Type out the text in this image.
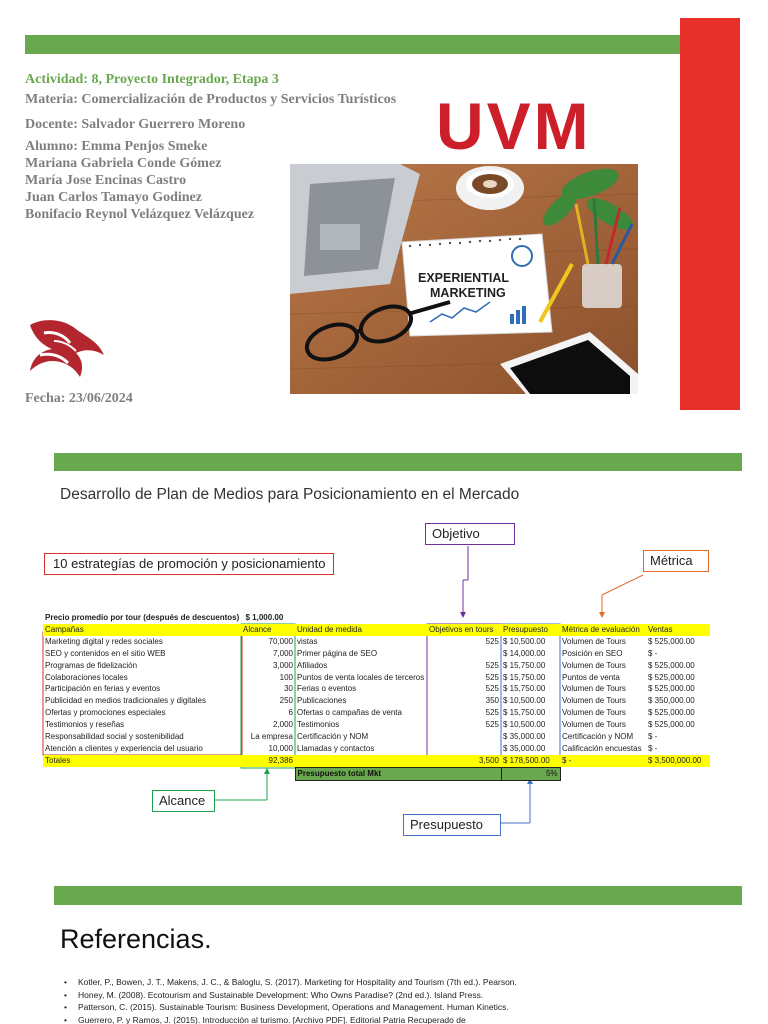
Actividad: 8, Proyecto Integrador, Etapa 3
Materia: Comercialización de Productos y Servicios Turísticos
Docente: Salvador Guerrero Moreno
Alumno: Emma Penjos Smeke
Mariana Gabriela Conde Gómez
María Jose Encinas Castro
Juan Carlos Tamayo Godinez
Bonifacio Reynol Velázquez Velázquez
UVM
Fecha: 23/06/2024
EXPERIENTIAL
MARKETING
Desarrollo de Plan de Medios para Posicionamiento en el Mercado
10 estrategías de promoción y posicionamiento
Objetivo
Métrica
Alcance
Presupuesto
Precio promedio por tour (después de descuentos) $ 1,000.00						
Campañas	Alcance	Unidad de medida	Objetivos en tours	Presupuesto	Métrica de evaluación	Ventas
Marketing digital y redes sociales	70,000	vistas	525	$ 10,500.00	Volumen de Tours	$ 525,000.00
SEO y contenidos en el sitio WEB	7,000	Primer página de SEO		$ 14,000.00	Posición en SEO	$ -
Programas de fidelización	3,000	Afiliados	525	$ 15,750.00	Volumen de Tours	$ 525,000.00
Colaboraciones locales	100	Puntos de venta locales de terceros	525	$ 15,750.00	Puntos de venta	$ 525,000.00
Participación en ferias y eventos	30	Ferias o eventos	525	$ 15,750.00	Volumen de Tours	$ 525,000.00
Publicidad en medios tradicionales y digitales	250	Publicaciones	350	$ 10,500.00	Volumen de Tours	$ 350,000.00
Ofertas y promociones especiales	6	Ofertas o campañas de venta	525	$ 15,750.00	Volumen de Tours	$ 525,000.00
Testimonios y reseñas	2,000	Testimonios	525	$ 10,500.00	Volumen de Tours	$ 525,000.00
Responsabilidad social y sostenibilidad	La empresa	Certificación y NOM		$ 35,000.00	Certificación y NOM	$ -
Atención a clientes y experiencia del usuario	10,000	Llamadas y contactos		$ 35,000.00	Calificación encuestas	$ -
Totales	92,386		3,500	$ 178,500.00	$ -	$ 3,500,000.00
		Presupuesto total Mkt		5%		
Referencias.
• Kotler, P., Bowen, J. T., Makens, J. C., & Baloglu, S. (2017). Marketing for Hospitality and Tourism (7th ed.). Pearson.
• Honey, M. (2008). Ecotourism and Sustainable Development: Who Owns Paradise? (2nd ed.). Island Press.
• Patterson, C. (2015). Sustainable Tourism: Business Development, Operations and Management. Human Kinetics.
• Guerrero, P. y Ramos, J. (2015). Introducción al turismo. [Archivo PDF]. Editorial Patria Recuperado de
